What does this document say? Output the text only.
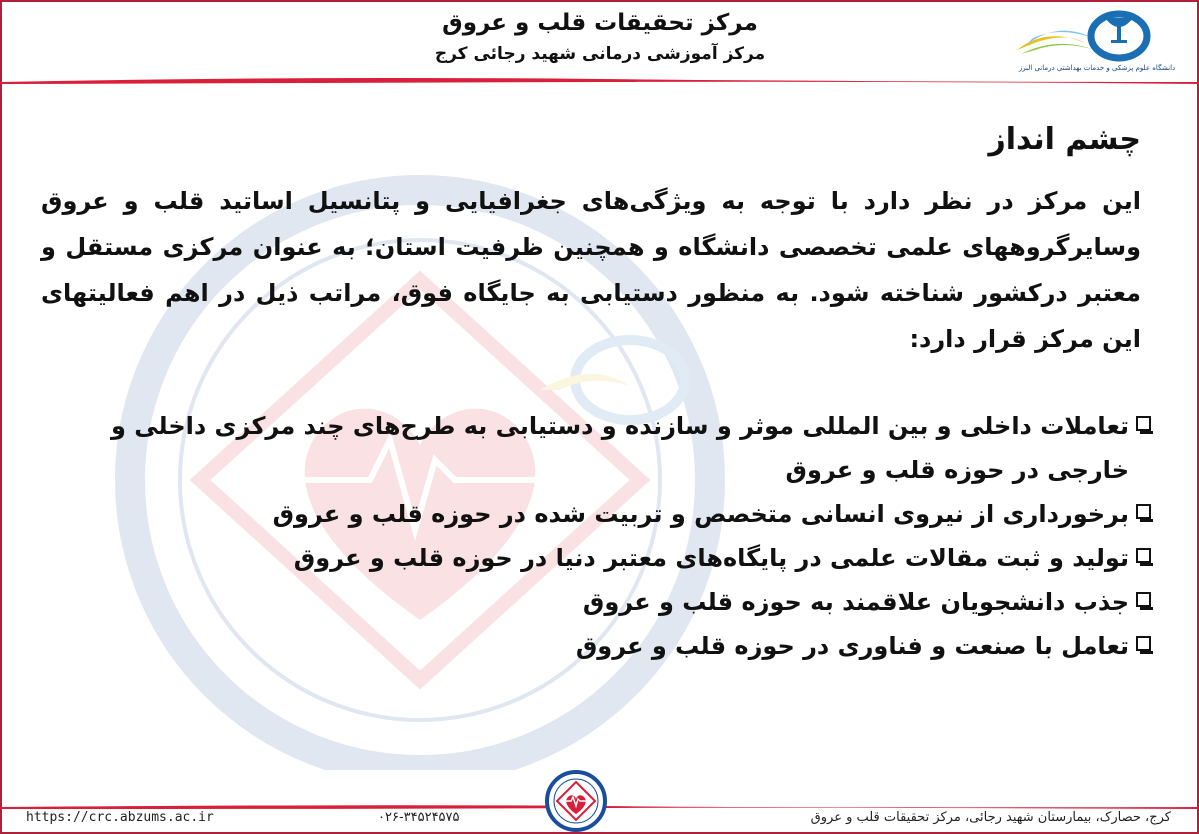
مرکز تحقیقات قلب و عروق
مرکز آموزشی درمانی شهید رجائی کرج
دانشگاه علوم پزشکی و خدمات بهداشتی درمانی البرز
چشم انداز
این مرکز در نظر دارد با توجه به ویژگی‌های جغرافیایی و پتانسیل اساتید قلب و عروق وسایرگروههای علمی تخصصی دانشگاه و همچنین ظرفیت استان؛ به عنوان مرکزی مستقل و معتبر درکشور شناخته شود. به منظور دستیابی به جایگاه فوق، مراتب ذیل در اهم فعالیتهای این مرکز قرار دارد:
تعاملات داخلی و بین المللی موثر و سازنده و دستیابی به طرح‌های چند مرکزی داخلی و خارجی در حوزه قلب و عروق
برخورداری از نیروی انسانی متخصص و تربیت شده در حوزه قلب و عروق
تولید و ثبت مقالات علمی در پایگاه‌های معتبر دنیا در حوزه قلب و عروق
جذب دانشجویان علاقمند به حوزه قلب و عروق
تعامل با صنعت و فناوری در حوزه قلب و عروق
https://crc.abzums.ac.ir	۰۲۶-۳۴۵۲۴۵۷۵	کرج، حصارک، بیمارستان شهید رجائی، مرکز تحقیقات قلب و عروق
